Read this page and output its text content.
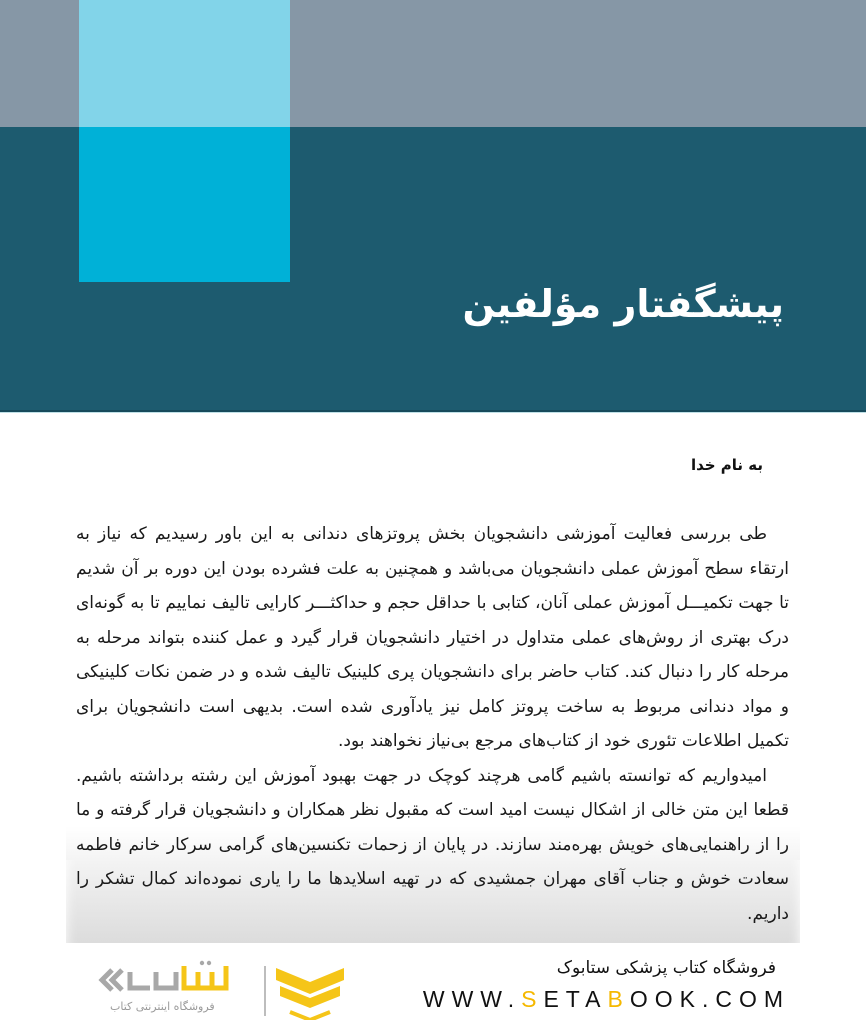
پیشگفتار مؤلفین
به نام خدا

طی بررسی فعالیت آموزشی دانشجویان بخش پروتزهای دندانی به این باور رسیدیم که نیاز به ارتقاء سطح آموزش عملی دانشجویان می‌باشد و همچنین به علت فشرده بودن این دوره بر آن شدیم تا جهت تکمیـــل آموزش عملی آنان، کتابی با حداقل حجم و حداکثـــر کارایی تالیف نماییم تا به گونه‌ای درک بهتری از روش‌های عملی متداول در اختیار دانشجویان قرار گیرد و عمل کننده بتواند مرحله به مرحله کار را دنبال کند. کتاب حاضر برای دانشجویان پری کلینیک تالیف شده و در ضمن نکات کلینیکی و مواد دندانی مربوط به ساخت پروتز کامل نیز یادآوری شده است. بدیهی است دانشجویان برای تکمیل اطلاعات تئوری خود از کتاب‌های مرجع بی‌نیاز نخواهند بود.

امیدواریم که توانسته باشیم گامی هرچند کوچک در جهت بهبود آموزش این رشته برداشته باشیم. قطعا این متن خالی از اشکال نیست امید است که مقبول نظر همکاران و دانشجویان قرار گرفته و ما را از راهنمایی‌های خویش بهره‌مند سازند. در پایان از زحمات تکنسین‌های گرامی سرکار خانم فاطمه سعادت خوش و جناب آقای مهران جمشیدی که در تهیه اسلایدها ما را یاری نموده‌اند کمال تشکر را داریم.

فروشگاه اینترنتی کتاب
فروشگاه کتاب پزشکی ستابوک
WWW.SETABOOK.COM
